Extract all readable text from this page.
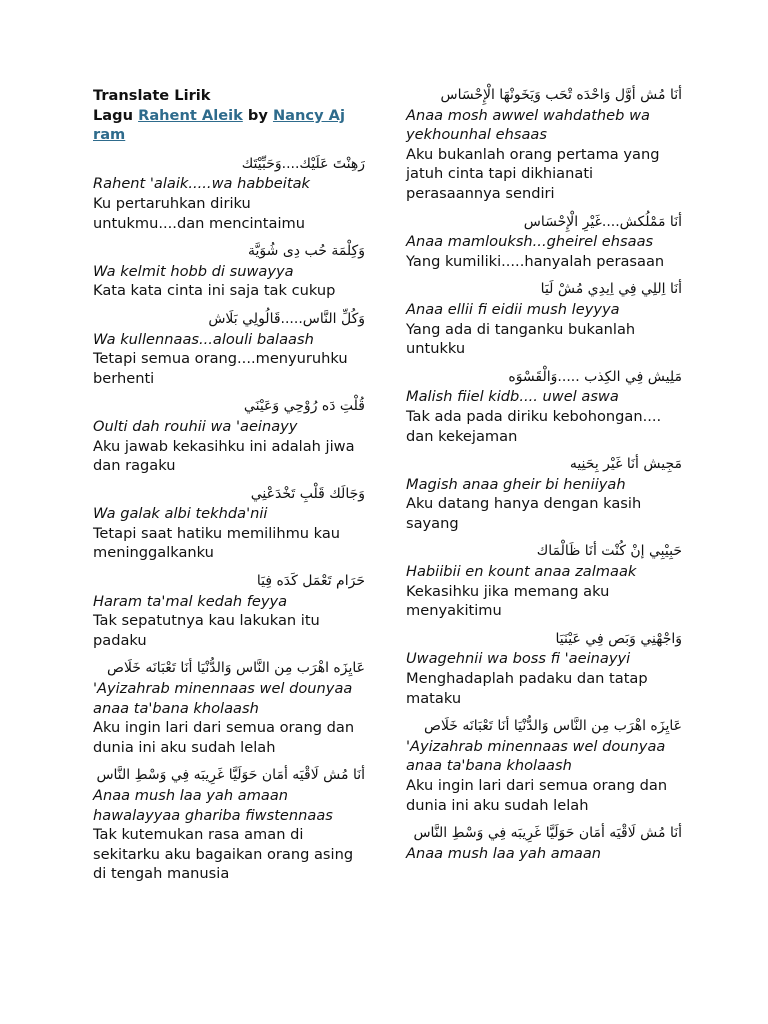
Translate Lirik
Lagu Rahent Aleik by Nancy Aj
ram
رَهِنْتَ عَلَيْك....وَحَبِّيْتَك
Rahent 'alaik.....wa habbeitak
Ku pertaruhkan diriku untukmu....dan mencintaimu
وَكِلْمَة حُب دِى شُوَيَّة
Wa kelmit hobb di suwayya
Kata kata cinta ini saja tak cukup
وَكُلِّ النَّاس.....قَالُولِي بَلَاش
Wa kullennaas...alouli balaash
Tetapi semua orang....menyuruhku berhenti
قُلْتِ دَه رُوْحِي وَعَيْنَي
Oulti dah rouhii wa 'aeinayy
Aku jawab kekasihku ini adalah jiwa dan ragaku
وَجَالَك قَلْبِ تَخْدَعْنِي
Wa galak albi tekhda'nii
Tetapi saat hatiku memilihmu kau meninggalkanku
حَرَام تَعْمَل كَدَه فِيَا
Haram ta'mal kedah feyya
Tak sepatutnya kau lakukan itu padaku
عَايِزَه اهْرَب مِن النَّاس وَالدُّنْيَا أنَا تَعْبَانَه خَلَاص
'Ayizahrab minennaas wel dounyaa anaa ta'bana kholaash
Aku ingin lari dari semua orang dan dunia ini aku sudah lelah
أنَا مُش لَاقْيَه أمَان حَوَلَيَّا غَرِيبَه فِي وَسْطِ النَّاس
Anaa mush laa yah amaan hawalayyaa ghariba fiwstennaas
Tak kutemukan rasa aman di sekitarku aku bagaikan orang asing di tengah manusia
أنَا مُش أوَّل وَاحْدَه تْحَب وَيَخَونْهَا الْإِحْسَاس
Anaa mosh awwel wahdatheb wa yekhounhal ehsaas
Aku bukanlah orang pertama yang jatuh cinta tapi dikhianati perasaannya sendiri
أنَا مَمْلُكش....غَيْرِ الْإِحْسَاس
Anaa mamlouksh...gheirel ehsaas
Yang kumiliki.....hanyalah perasaan
أنَا اِللِي فِي اِيدِي مُشْ لَيَا
Anaa ellii fi eidii mush leyyya
Yang ada di tanganku bukanlah untukku
مَلِيش فِي الكِذب .....وَالْقَسْوَه
Malish fiiel kidb.... uwel aswa
Tak ada pada diriku kebohongan.... dan kekejaman
مَجِيش أنَا غَيْر بِحَنِيه
Magish anaa gheir bi heniiyah
Aku datang hanya dengan kasih sayang
حَبِيْبِي إنْ كُنْت أنَا ظَالْمَاك
Habiibii en kount anaa zalmaak
Kekasihku jika memang aku menyakitimu
وَاجْهْنِي وَبَص فِي عَيْنَيَا
Uwagehnii wa boss fi 'aeinayyi
Menghadaplah padaku dan tatap mataku
عَايِزَه اهْرَب مِن النَّاس وَالدُّنْيَا أنَا تَعْبَانَه خَلَاص
'Ayizahrab minennaas wel dounyaa anaa ta'bana kholaash
Aku ingin lari dari semua orang dan dunia ini aku sudah lelah
أنَا مُش لَاقْيَه أمَان حَوَلَيَّا غَرِيبَه فِي وَسْطِ النَّاس
Anaa mush laa yah amaan
